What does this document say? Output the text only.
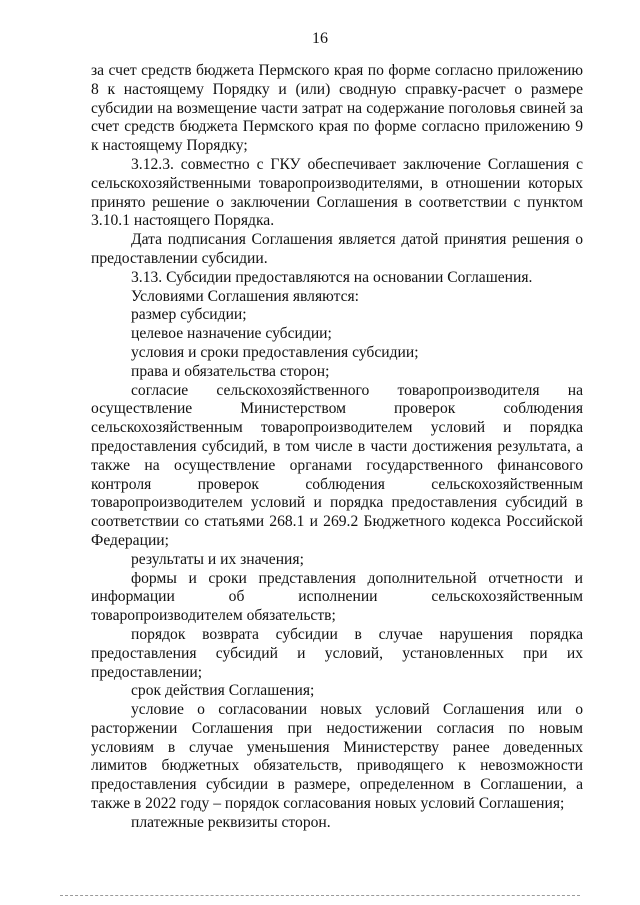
16

за счет средств бюджета Пермского края по форме согласно приложению 8 к настоящему Порядку и (или) сводную справку-расчет о размере субсидии на возмещение части затрат на содержание поголовья свиней за счет средств бюджета Пермского края по форме согласно приложению 9 к настоящему Порядку;

3.12.3. совместно с ГКУ обеспечивает заключение Соглашения с сельскохозяйственными товаропроизводителями, в отношении которых принято решение о заключении Соглашения в соответствии с пунктом 3.10.1 настоящего Порядка.

Дата подписания Соглашения является датой принятия решения о предоставлении субсидии.

3.13. Субсидии предоставляются на основании Соглашения.

Условиями Соглашения являются:

размер субсидии;

целевое назначение субсидии;

условия и сроки предоставления субсидии;

права и обязательства сторон;

согласие сельскохозяйственного товаропроизводителя на осуществление Министерством проверок соблюдения сельскохозяйственным товаропроизводителем условий и порядка предоставления субсидий, в том числе в части достижения результата, а также на осуществление органами государственного финансового контроля проверок соблюдения сельскохозяйственным товаропроизводителем условий и порядка предоставления субсидий в соответствии со статьями 268.1 и 269.2 Бюджетного кодекса Российской Федерации;

результаты и их значения;

формы и сроки представления дополнительной отчетности и информации об исполнении сельскохозяйственным товаропроизводителем обязательств;

порядок возврата субсидии в случае нарушения порядка предоставления субсидий и условий, установленных при их предоставлении;

срок действия Соглашения;

условие о согласовании новых условий Соглашения или о расторжении Соглашения при недостижении согласия по новым условиям в случае уменьшения Министерству ранее доведенных лимитов бюджетных обязательств, приводящего к невозможности предоставления субсидии в размере, определенном в Соглашении, а также в 2022 году – порядок согласования новых условий Соглашения;

платежные реквизиты сторон.
